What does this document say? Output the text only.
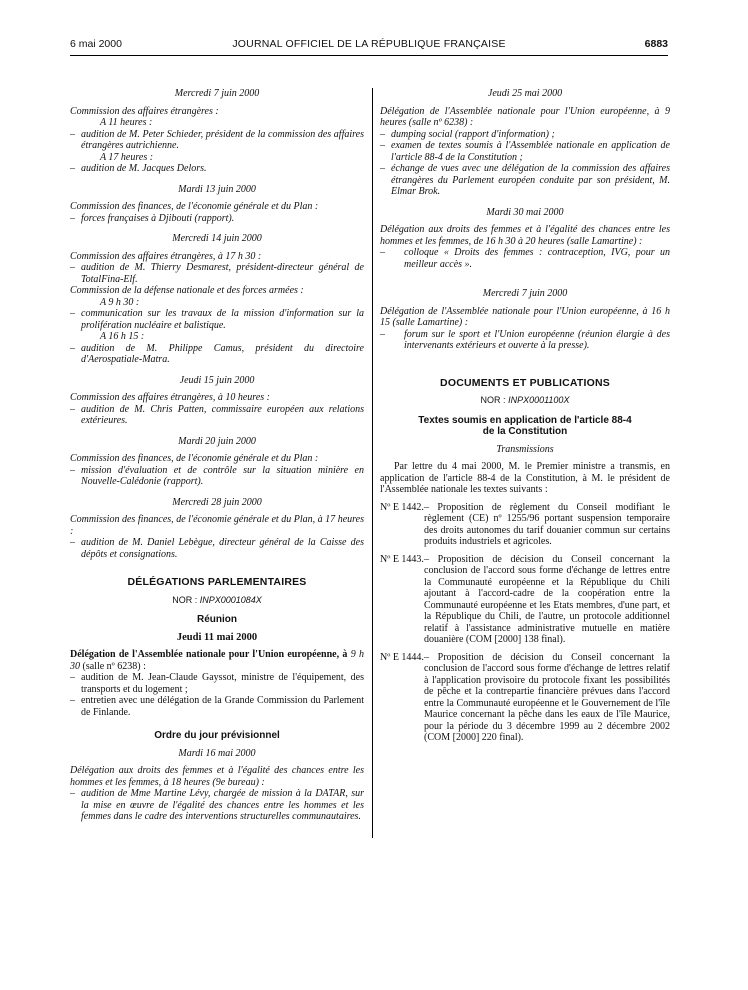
6 mai 2000	JOURNAL OFFICIEL DE LA RÉPUBLIQUE FRANÇAISE	6883

Mercredi 7 juin 2000

Commission des affaires étrangères :

A 11 heures :

– audition de M. Peter Schieder, président de la commission des affaires étrangères autrichienne.

A 17 heures :

– audition de M. Jacques Delors.

Mardi 13 juin 2000

Commission des finances, de l'économie générale et du Plan :

– forces françaises à Djibouti (rapport).

Mercredi 14 juin 2000

Commission des affaires étrangères, à 17 h 30 :

– audition de M. Thierry Desmarest, président-directeur général de TotalFina-Elf.

Commission de la défense nationale et des forces armées :

A 9 h 30 :

– communication sur les travaux de la mission d'information sur la prolifération nucléaire et balistique.

A 16 h 15 :

– audition de M. Philippe Camus, président du directoire d'Aerospatiale-Matra.

Jeudi 15 juin 2000

Commission des affaires étrangères, à 10 heures :

– audition de M. Chris Patten, commissaire européen aux relations extérieures.

Mardi 20 juin 2000

Commission des finances, de l'économie générale et du Plan :

– mission d'évaluation et de contrôle sur la situation minière en Nouvelle-Calédonie (rapport).

Mercredi 28 juin 2000

Commission des finances, de l'économie générale et du Plan, à 17 heures :

– audition de M. Daniel Lebègue, directeur général de la Caisse des dépôts et consignations.

DÉLÉGATIONS PARLEMENTAIRES

NOR : INPX0001084X

Réunion

Jeudi 11 mai 2000

Délégation de l'Assemblée nationale pour l'Union européenne, à 9 h 30 (salle nº 6238) :

– audition de M. Jean-Claude Gayssot, ministre de l'équipement, des transports et du logement ;

– entretien avec une délégation de la Grande Commission du Parlement de Finlande.

Ordre du jour prévisionnel

Mardi 16 mai 2000

Délégation aux droits des femmes et à l'égalité des chances entre les hommes et les femmes, à 18 heures (9e bureau) :

– audition de Mme Martine Lévy, chargée de mission à la DATAR, sur la mise en œuvre de l'égalité des chances entre les hommes et les femmes dans le cadre des interventions structurelles communautaires.

Jeudi 25 mai 2000

Délégation de l'Assemblée nationale pour l'Union européenne, à 9 heures (salle nº 6238) :

– dumping social (rapport d'information) ;

– examen de textes soumis à l'Assemblée nationale en application de l'article 88-4 de la Constitution ;

– échange de vues avec une délégation de la commission des affaires étrangères du Parlement européen conduite par son président, M. Elmar Brok.

Mardi 30 mai 2000

Délégation aux droits des femmes et à l'égalité des chances entre les hommes et les femmes, de 16 h 30 à 20 heures (salle Lamartine) :

– colloque « Droits des femmes : contraception, IVG, pour un meilleur accès ».

Mercredi 7 juin 2000

Délégation de l'Assemblée nationale pour l'Union européenne, à 16 h 15 (salle Lamartine) :

– forum sur le sport et l'Union européenne (réunion élargie à des intervenants extérieurs et ouverte à la presse).

DOCUMENTS ET PUBLICATIONS

NOR : INPX0001100X

Textes soumis en application de l'article 88-4

de la Constitution

Transmissions

Par lettre du 4 mai 2000, M. le Premier ministre a transmis, en application de l'article 88-4 de la Constitution, à M. le président de l'Assemblée nationale les textes suivants :

Nº E 1442. – Proposition de règlement du Conseil modifiant le règlement (CE) nº 1255/96 portant suspension temporaire des droits autonomes du tarif douanier commun sur certains produits industriels et agricoles.
Nº E 1443. – Proposition de décision du Conseil concernant la conclusion de l'accord sous forme d'échange de lettres entre la Communauté européenne et la République du Chili ajoutant à l'accord-cadre de la coopération entre la Communauté européenne et les Etats membres, d'une part, et la République du Chili, de l'autre, un protocole additionnel relatif à l'assistance administrative mutuelle en matière douanière (COM [2000] 138 final).
Nº E 1444. – Proposition de décision du Conseil concernant la conclusion de l'accord sous forme d'échange de lettres relatif à l'application provisoire du protocole fixant les possibilités de pêche et la contrepartie financière prévues dans l'accord entre la Communauté européenne et le Gouvernement de l'île Maurice concernant la pêche dans les eaux de l'île Maurice, pour la période du 3 décembre 1999 au 2 décembre 2002 (COM [2000] 220 final).
